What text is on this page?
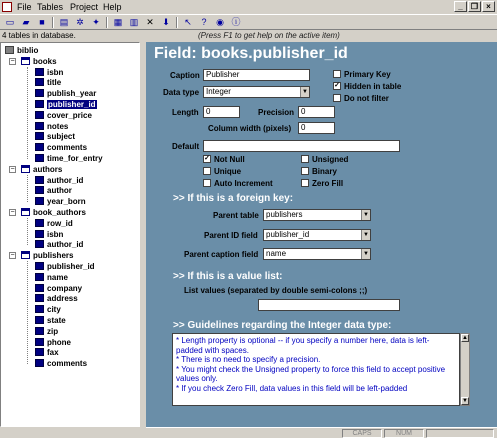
File Tables Project Help	_	❐	×
▭ ▰	■	▤ ✲ ✦	▦ ▥ ✕ ⬇	↖	?	◉ ⓘ
4 tables in database.	(Press F1 to get help on the active item)
biblio
−	books
isbn
title
publish_year
publisher_id
cover_price
notes
subject
comments
time_for_entry
−	authors
author_id
author
year_born
−	book_authors
row_id
isbn
author_id
−	publishers
publisher_id
name
company
address
city
state
zip
phone
fax
comments
Field: books.publisher_id
Caption Publisher
Data type Integer	▼
Primary Key
✓ Hidden in table
Do not filter
Length 0	Precision 0
Column width (pixels)	0
Default
✓ Not Null
Unique
Auto Increment
Unsigned
Binary
Zero Fill
>> If this is a foreign key:
Parent table publishers	▼
Parent ID field	publisher_id	▼
Parent caption field name	▼
>> If this is a value list:
List values (separated by double semi-colons ;;)
>> Guidelines regarding the Integer data type:
* Length property is optional -- if you specify a number here, data is left-padded with spaces.
* There is no need to specify a precision.
* You might check the Unsigned property to force this field to accept positive values only.
* If you check Zero Fill, data values in this field will be left-padded
▲
▼
CAPS	NUM
